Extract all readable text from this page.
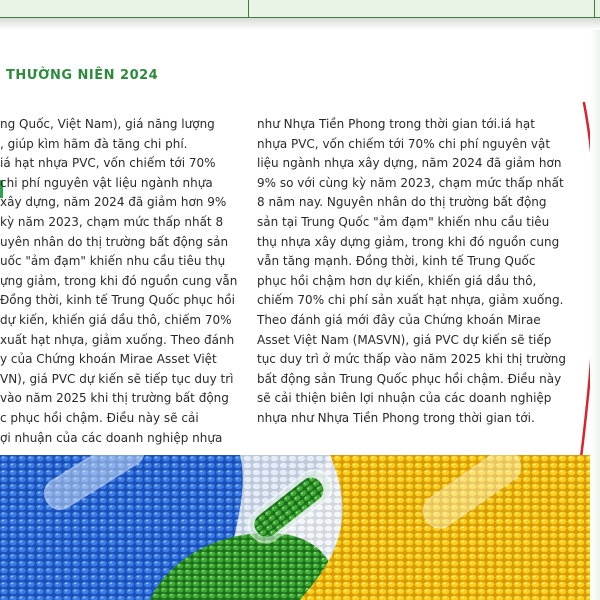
THƯỜNG NIÊN 2024
ng Quốc, Việt Nam), giá năng lượng
, giúp kìm hãm đà tăng chi phí.
iá hạt nhựa PVC, vốn chiếm tới 70%
chi phí nguyên vật liệu ngành nhựa
xây dựng, năm 2024 đã giảm hơn 9%
kỳ năm 2023, chạm mức thấp nhất 8
uyên nhân do thị trường bất động sản
uốc "ảm đạm" khiến nhu cầu tiêu thụ
ựng giảm, trong khi đó nguồn cung vẫn
Đồng thời, kinh tế Trung Quốc phục hồi
dự kiến, khiến giá dầu thô, chiếm 70%
xuất hạt nhựa, giảm xuống. Theo đánh
y của Chứng khoán Mirae Asset Việt
VN), giá PVC dự kiến sẽ tiếp tục duy trì
vào năm 2025 khi thị trường bất động
c phục hồi chậm. Điều này sẽ cải
ợi nhuận của các doanh nghiệp nhựa
như Nhựa Tiền Phong trong thời gian tới.iá hạt
nhựa PVC, vốn chiếm tới 70% chi phí nguyên vật
liệu ngành nhựa xây dựng, năm 2024 đã giảm hơn
9% so với cùng kỳ năm 2023, chạm mức thấp nhất
8 năm nay. Nguyên nhân do thị trường bất động
sản tại Trung Quốc "ảm đạm" khiến nhu cầu tiêu
thụ nhựa xây dựng giảm, trong khi đó nguồn cung
vẫn tăng mạnh. Đồng thời, kinh tế Trung Quốc
phục hồi chậm hơn dự kiến, khiến giá dầu thô,
chiếm 70% chi phí sản xuất hạt nhựa, giảm xuống.
Theo đánh giá mới đây của Chứng khoán Mirae
Asset Việt Nam (MASVN), giá PVC dự kiến sẽ tiếp
tục duy trì ở mức thấp vào năm 2025 khi thị trường
bất động sản Trung Quốc phục hồi chậm. Điều này
sẽ cải thiện biên lợi nhuận của các doanh nghiệp
nhựa như Nhựa Tiền Phong trong thời gian tới.
